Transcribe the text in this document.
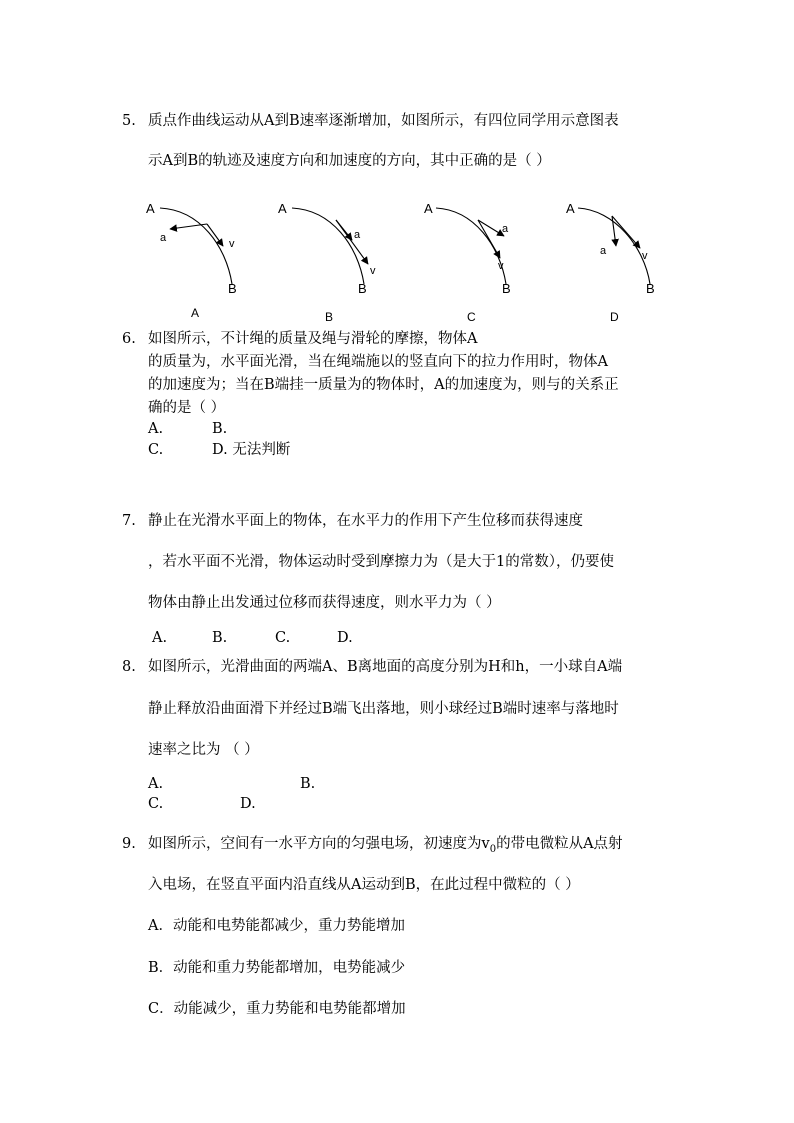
5. 质点作曲线运动从A到B速率逐渐增加，如图所示，有四位同学用示意图表
示A到B的轨迹及速度方向和加速度的方向，其中正确的是（ ）
A
B
v
a
A
A
B
v
a
B
A
B
v
a
C
A
B
v
a
D
6. 如图所示，不计绳的质量及绳与滑轮的摩擦，物体A
的质量为，水平面光滑，当在绳端施以的竖直向下的拉力作用时，物体A
的加速度为；当在B端挂一质量为的物体时，A的加速度为，则与的关系正
确的是（ ）
A.	B.
C.	D. 无法判断
7. 静止在光滑水平面上的物体，在水平力的作用下产生位移而获得速度
，若水平面不光滑，物体运动时受到摩擦力为（是大于1的常数），仍要使
物体由静止出发通过位移而获得速度，则水平力为（ ）
A.	B.	C.	D.
8. 如图所示，光滑曲面的两端A、B离地面的高度分别为H和h，一小球自A端
静止释放沿曲面滑下并经过B端飞出落地，则小球经过B端时速率与落地时
速率之比为 （ ）
A.	B.
C.	D.
9. 如图所示，空间有一水平方向的匀强电场，初速度为$v_0$的带电微粒从A点射
入电场，在竖直平面内沿直线从A运动到B，在此过程中微粒的（ ）
A．动能和电势能都减少，重力势能增加
B．动能和重力势能都增加，电势能减少
C．动能减少，重力势能和电势能都增加
